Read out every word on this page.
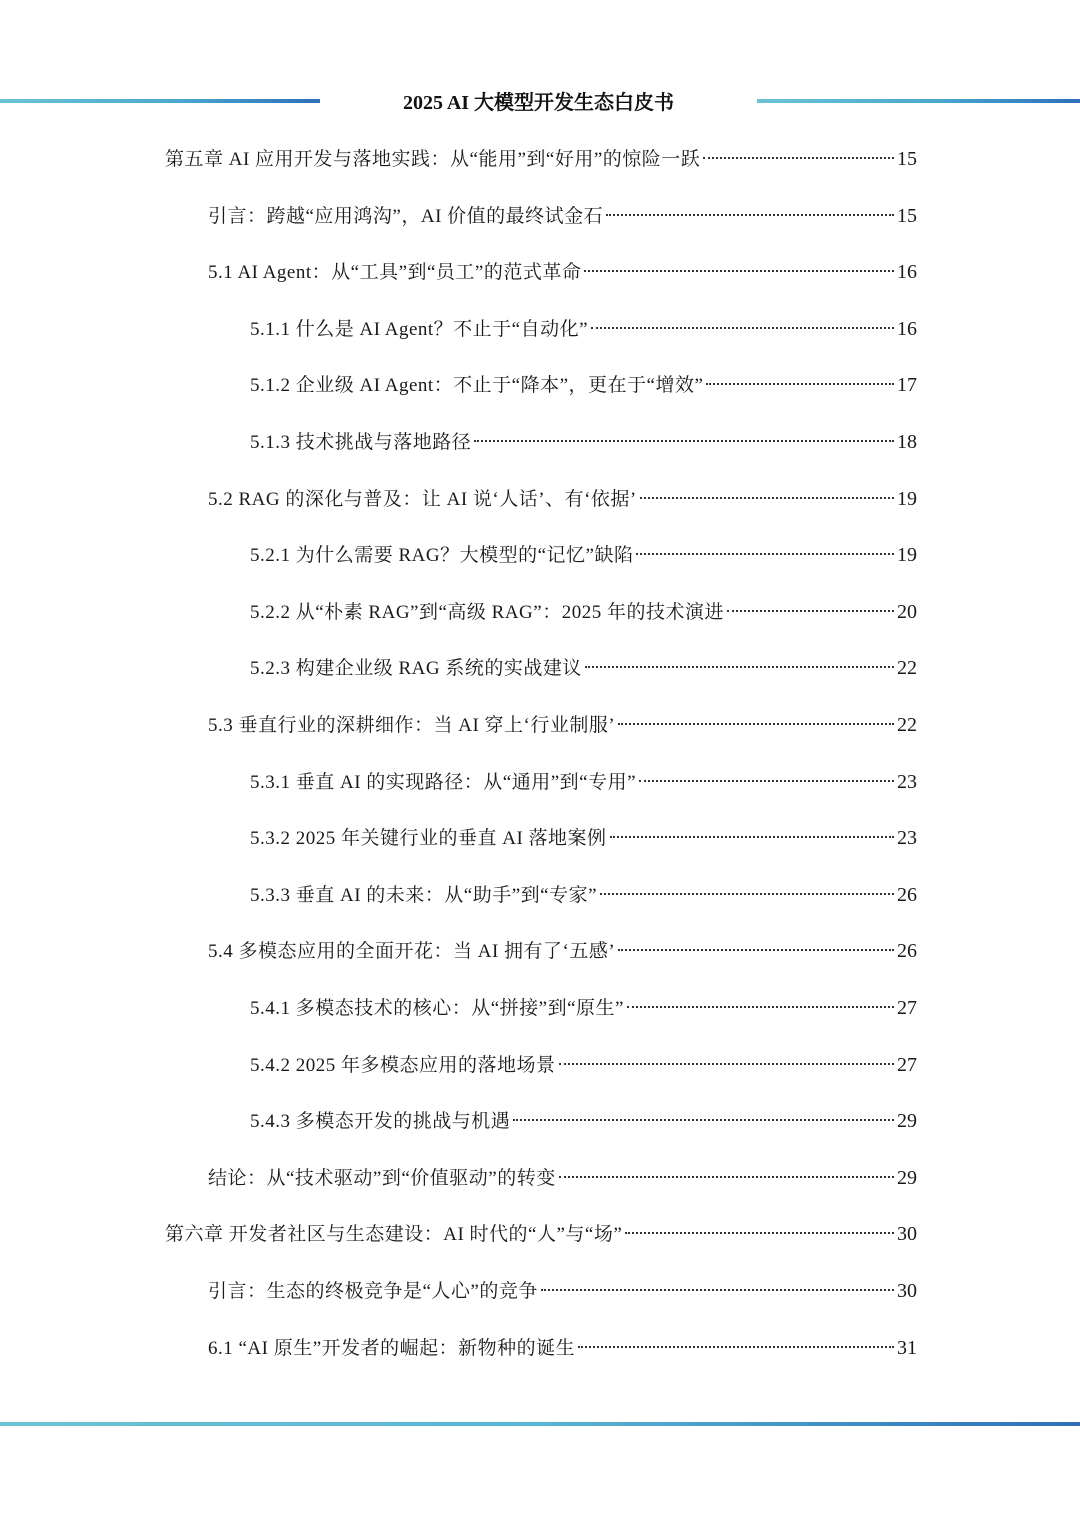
2025 AI 大模型开发生态白皮书
第五章 AI 应用开发与落地实践：从“能用”到“好用”的惊险一跃	15
引言：跨越“应用鸿沟”，AI 价值的最终试金石	15
5.1 AI Agent：从“工具”到“员工”的范式革命	16
5.1.1 什么是 AI Agent？不止于“自动化”	16
5.1.2 企业级 AI Agent：不止于“降本”，更在于“增效”	17
5.1.3 技术挑战与落地路径	18
5.2 RAG 的深化与普及：让 AI 说‘人话’、有‘依据’	19
5.2.1 为什么需要 RAG？大模型的“记忆”缺陷	19
5.2.2 从“朴素 RAG”到“高级 RAG”：2025 年的技术演进	20
5.2.3 构建企业级 RAG 系统的实战建议	22
5.3 垂直行业的深耕细作：当 AI 穿上‘行业制服’	22
5.3.1 垂直 AI 的实现路径：从“通用”到“专用”	23
5.3.2 2025 年关键行业的垂直 AI 落地案例	23
5.3.3 垂直 AI 的未来：从“助手”到“专家”	26
5.4 多模态应用的全面开花：当 AI 拥有了‘五感’	26
5.4.1 多模态技术的核心：从“拼接”到“原生”	27
5.4.2 2025 年多模态应用的落地场景	27
5.4.3 多模态开发的挑战与机遇	29
结论：从“技术驱动”到“价值驱动”的转变	29
第六章 开发者社区与生态建设：AI 时代的“人”与“场”	30
引言：生态的终极竞争是“人心”的竞争	30
6.1 “AI 原生”开发者的崛起：新物种的诞生	31
